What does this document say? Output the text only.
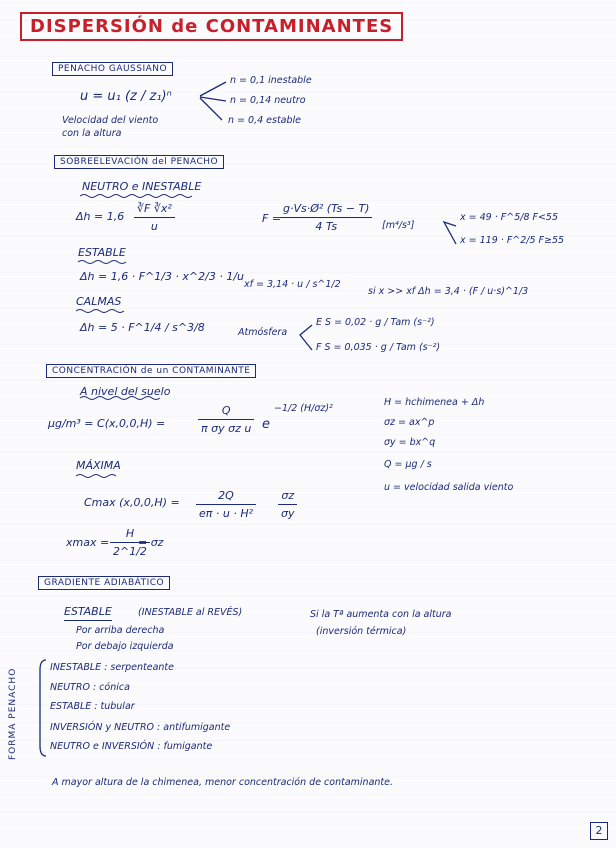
DISPERSIÓN de CONTAMINANTES
PENACHO GAUSSIANO
u = u₁ (z / z₁)ⁿ
Velocidad del viento
con la altura
n = 0,1 inestable
n = 0,14 neutro
n = 0,4 estable
SOBREELEVACIÓN del PENACHO
NEUTRO e INESTABLE
Δh = 1,6
∛F ∛x²
u
F =
g·Vs·Ø² (Ts − T)
4 Ts	[m⁴/s³]
x = 49 · F^5/8 F<55
x = 119 · F^2/5 F≥55
ESTABLE
Δh = 1,6 · F^1/3 · x^2/3 · 1/u
xf = 3,14 · u / s^1/2
si x >> xf Δh = 3,4 · (F / u·s)^1/3
CALMAS
Δh = 5 · F^1/4 / s^3/8	Atmósfera
E S = 0,02 · g / Tam (s⁻²)
F S = 0,035 · g / Tam (s⁻²)
CONCENTRACIÓN de un CONTAMINANTE
A nivel del suelo
µg/m³ = C(x,0,0,H) =
Q
π σy σz u e
−1/2 (H/σz)²
H = hchimenea + Δh
σz = ax^p
σy = bx^q
Q = µg / s
u = velocidad salida viento
MÁXIMA
Cmax (x,0,0,H) =
2Q
eπ · u · H²
σz
σy
xmax =
H
2^1/2
= σz
GRADIENTE ADIABÁTICO
ESTABLE	(INESTABLE al REVÉS)
Por arriba derecha
Por debajo izquierda
Si la Tª aumenta con la altura
(inversión térmica)
FORMA PENACHO
INESTABLE : serpenteante
NEUTRO : cónica
ESTABLE : tubular
INVERSIÓN y NEUTRO : antifumigante
NEUTRO e INVERSIÓN : fumigante
A mayor altura de la chimenea, menor concentración de contaminante.
2
